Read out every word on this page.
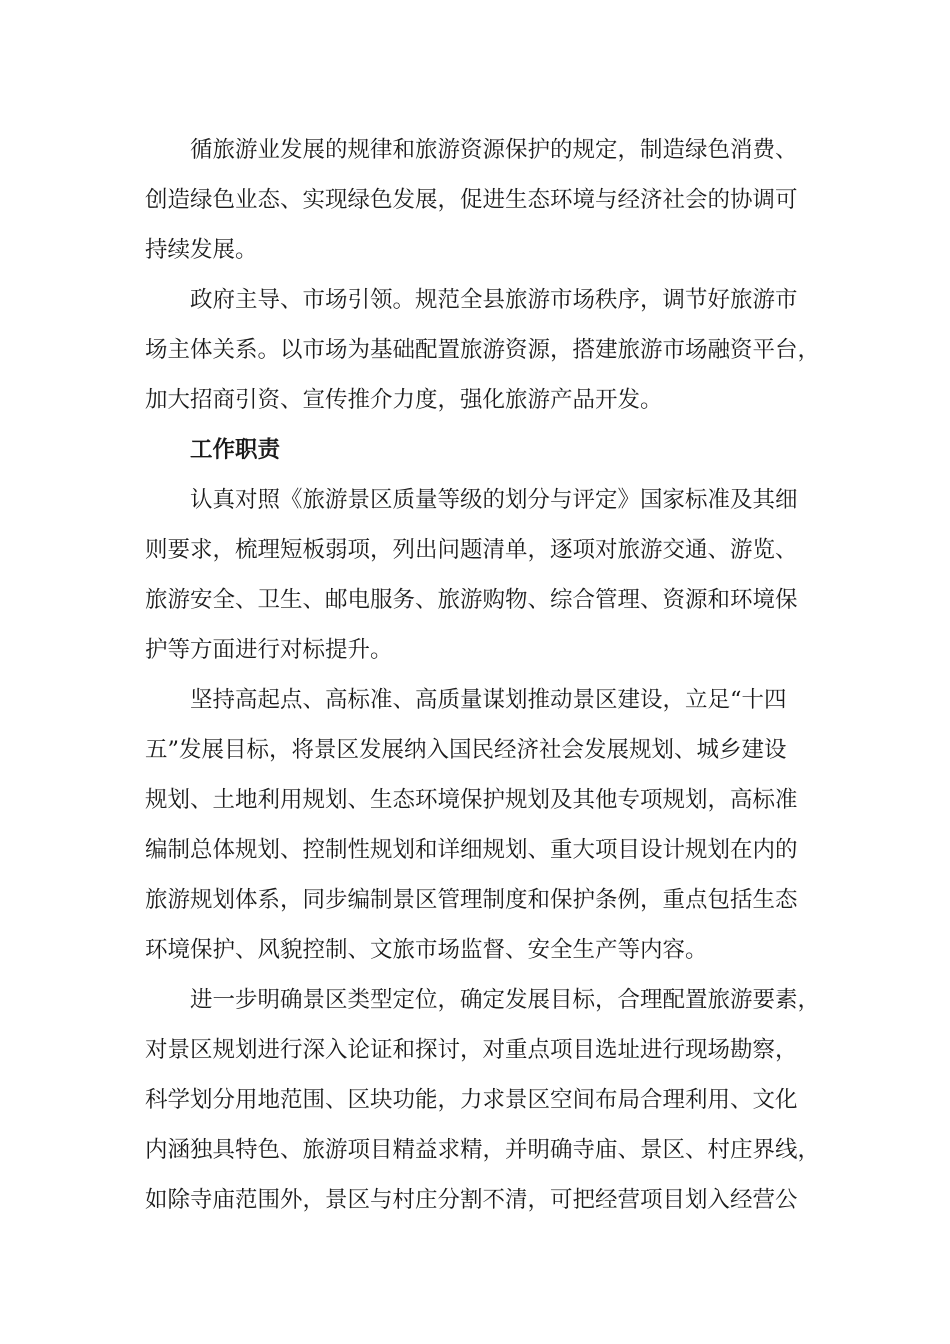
循旅游业发展的规律和旅游资源保护的规定，制造绿色消费、
创造绿色业态、实现绿色发展，促进生态环境与经济社会的协调可
持续发展。
政府主导、市场引领。规范全县旅游市场秩序，调节好旅游市
场主体关系。以市场为基础配置旅游资源，搭建旅游市场融资平台，
加大招商引资、宣传推介力度，强化旅游产品开发。
工作职责
认真对照《旅游景区质量等级的划分与评定》国家标准及其细
则要求，梳理短板弱项，列出问题清单，逐项对旅游交通、游览、
旅游安全、卫生、邮电服务、旅游购物、综合管理、资源和环境保
护等方面进行对标提升。
坚持高起点、高标准、高质量谋划推动景区建设，立足“十四
五”发展目标，将景区发展纳入国民经济社会发展规划、城乡建设
规划、土地利用规划、生态环境保护规划及其他专项规划，高标准
编制总体规划、控制性规划和详细规划、重大项目设计规划在内的
旅游规划体系，同步编制景区管理制度和保护条例，重点包括生态
环境保护、风貌控制、文旅市场监督、安全生产等内容。
进一步明确景区类型定位，确定发展目标，合理配置旅游要素，
对景区规划进行深入论证和探讨，对重点项目选址进行现场勘察，
科学划分用地范围、区块功能，力求景区空间布局合理利用、文化
内涵独具特色、旅游项目精益求精，并明确寺庙、景区、村庄界线，
如除寺庙范围外，景区与村庄分割不清，可把经营项目划入经营公
